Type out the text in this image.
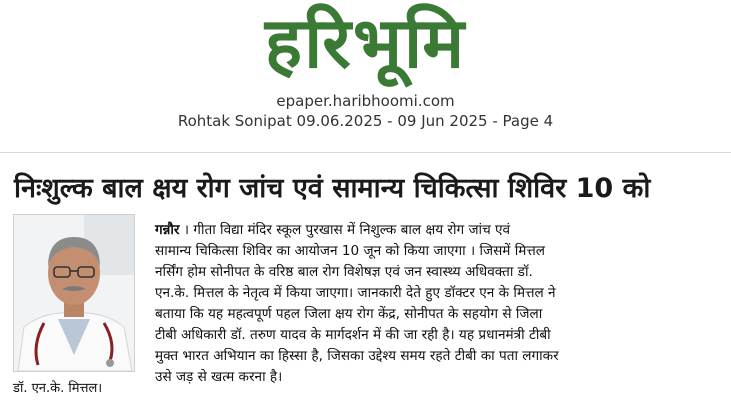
हरिभूमि
epaper.haribhoomi.com
Rohtak Sonipat 09.06.2025 - 09 Jun 2025 - Page 4
निःशुल्क बाल क्षय रोग जांच एवं सामान्य चिकित्सा शिविर 10 को
डॉ. एन.के. मित्तल।
गन्नौर । गीता विद्या मंदिर स्कूल पुरखास में निशुल्क बाल क्षय रोग जांच एवं
सामान्य चिकित्सा शिविर का आयोजन 10 जून को किया जाएगा । जिसमें मित्तल
नर्सिंग होम सोनीपत के वरिष्ठ बाल रोग विशेषज्ञ एवं जन स्वास्थ्य अधिवक्ता डॉ.
एन.के. मित्तल के नेतृत्व में किया जाएगा। जानकारी देते हुए डॉक्टर एन के मित्तल ने
बताया कि यह महत्वपूर्ण पहल जिला क्षय रोग केंद्र, सोनीपत के सहयोग से जिला
टीबी अधिकारी डॉ. तरुण यादव के मार्गदर्शन में की जा रही है। यह प्रधानमंत्री टीबी
मुक्त भारत अभियान का हिस्सा है, जिसका उद्देश्य समय रहते टीबी का पता लगाकर
उसे जड़ से खत्म करना है।
